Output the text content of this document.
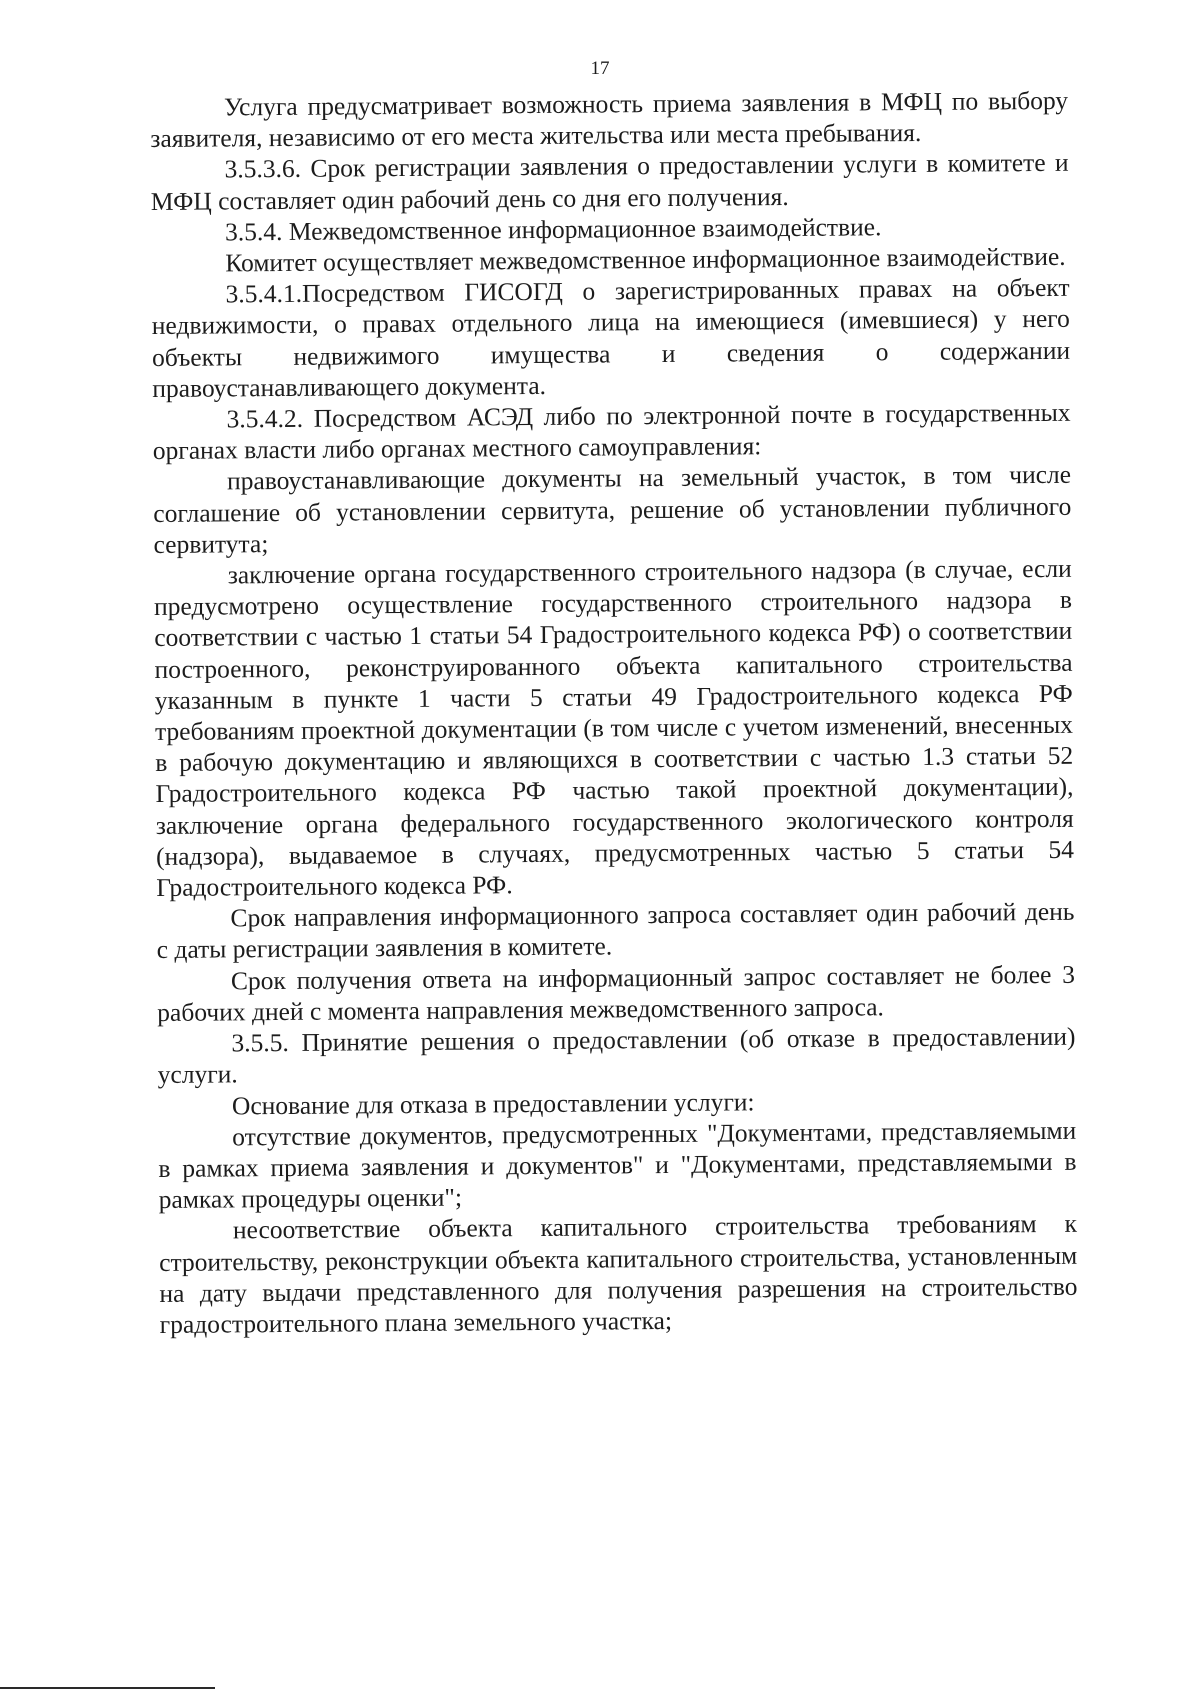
17

Услуга предусматривает возможность приема заявления в МФЦ по выбору заявителя, независимо от его места жительства или места пребывания.

3.5.3.6. Срок регистрации заявления о предоставлении услуги в комитете и МФЦ составляет один рабочий день со дня его получения.

3.5.4. Межведомственное информационное взаимодействие.

Комитет осуществляет межведомственное информационное взаимодействие.

3.5.4.1.Посредством ГИСОГД о зарегистрированных правах на объект недвижимости, о правах отдельного лица на имеющиеся (имевшиеся) у него объекты недвижимого имущества и сведения о содержании правоустанавливающего документа.

3.5.4.2. Посредством АСЭД либо по электронной почте в государственных органах власти либо органах местного самоуправления:

правоустанавливающие документы на земельный участок, в том числе соглашение об установлении сервитута, решение об установлении публичного сервитута;

заключение органа государственного строительного надзора (в случае, если предусмотрено осуществление государственного строительного надзора в соответствии с частью 1 статьи 54 Градостроительного кодекса РФ) о соответствии построенного, реконструированного объекта капитального строительства указанным в пункте 1 части 5 статьи 49 Градостроительного кодекса РФ требованиям проектной документации (в том числе с учетом изменений, внесенных в рабочую документацию и являющихся в соответствии с частью 1.3 статьи 52 Градостроительного кодекса РФ частью такой проектной документации), заключение органа федерального государственного экологического контроля (надзора), выдаваемое в случаях, предусмотренных частью 5 статьи 54 Градостроительного кодекса РФ.

Срок направления информационного запроса составляет один рабочий день с даты регистрации заявления в комитете.

Срок получения ответа на информационный запрос составляет не более 3 рабочих дней с момента направления межведомственного запроса.

3.5.5. Принятие решения о предоставлении (об отказе в предоставлении) услуги.

Основание для отказа в предоставлении услуги:

отсутствие документов, предусмотренных "Документами, представляемыми в рамках приема заявления и документов" и "Документами, представляемыми в рамках процедуры оценки";

несоответствие объекта капитального строительства требованиям к строительству, реконструкции объекта капитального строительства, установленным на дату выдачи представленного для получения разрешения на строительство градостроительного плана земельного участка;
